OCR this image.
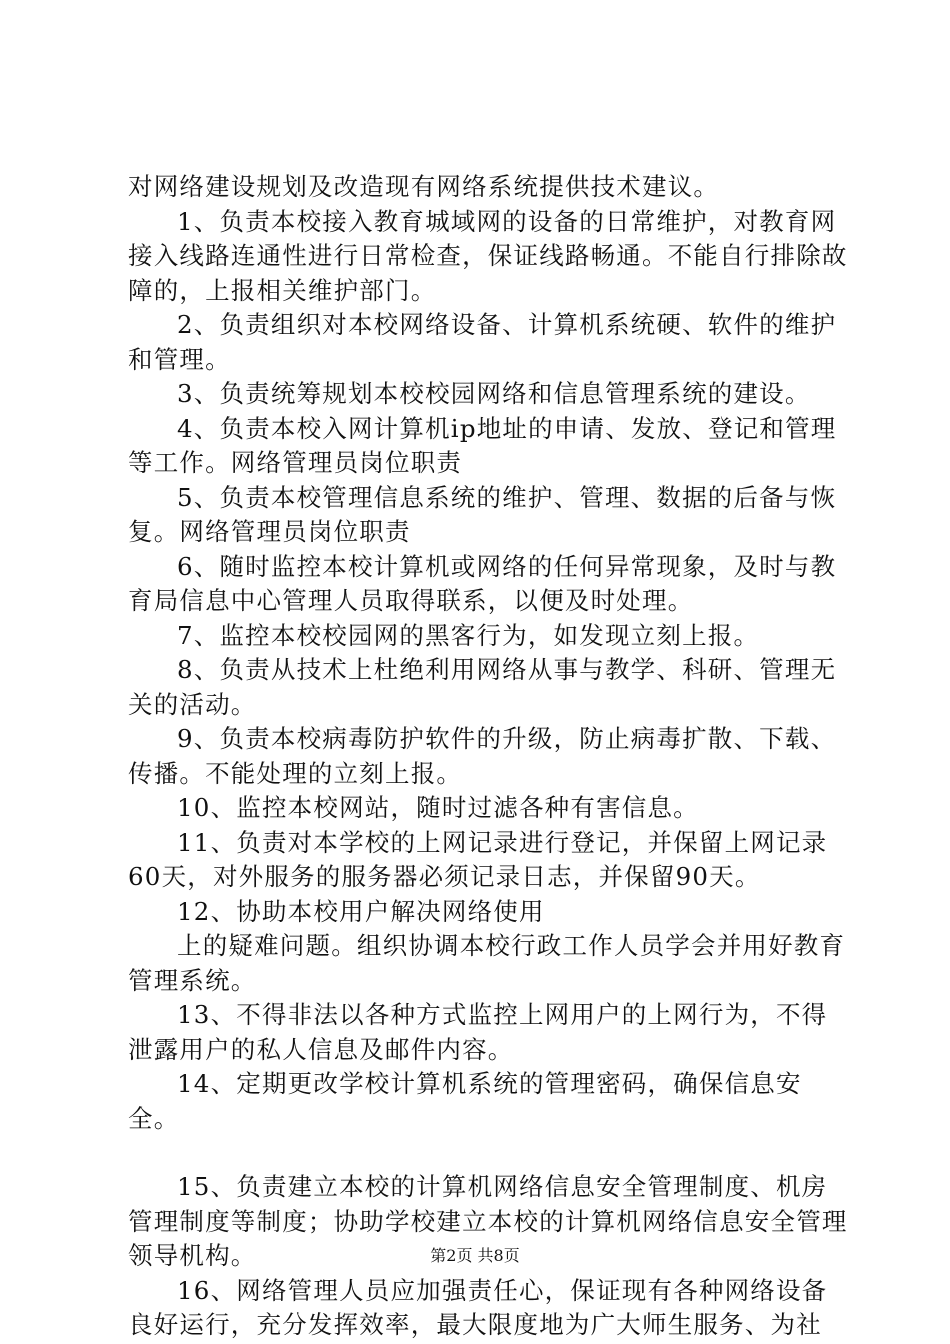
对网络建设规划及改造现有网络系统提供技术建议。

1、负责本校接入教育城域网的设备的日常维护，对教育网接入线路连通性进行日常检查，保证线路畅通。不能自行排除故障的，上报相关维护部门。

2、负责组织对本校网络设备、计算机系统硬、软件的维护和管理。

3、负责统筹规划本校校园网络和信息管理系统的建设。

4、负责本校入网计算机ip地址的申请、发放、登记和管理等工作。网络管理员岗位职责

5、负责本校管理信息系统的维护、管理、数据的后备与恢复。网络管理员岗位职责

6、随时监控本校计算机或网络的任何异常现象，及时与教育局信息中心管理人员取得联系，以便及时处理。

7、监控本校校园网的黑客行为，如发现立刻上报。

8、负责从技术上杜绝利用网络从事与教学、科研、管理无关的活动。

9、负责本校病毒防护软件的升级，防止病毒扩散、下载、传播。不能处理的立刻上报。

10、监控本校网站，随时过滤各种有害信息。

11、负责对本学校的上网记录进行登记，并保留上网记录60天，对外服务的服务器必须记录日志，并保留90天。

12、协助本校用户解决网络使用

上的疑难问题。组织协调本校行政工作人员学会并用好教育管理系统。

13、不得非法以各种方式监控上网用户的上网行为，不得泄露用户的私人信息及邮件内容。

14、定期更改学校计算机系统的管理密码，确保信息安全。

15、负责建立本校的计算机网络信息安全管理制度、机房管理制度等制度；协助学校建立本校的计算机网络信息安全管理领导机构。

16、网络管理人员应加强责任心，保证现有各种网络设备良好运行，充分发挥效率，最大限度地为广大师生服务、为社

第2页 共8页
